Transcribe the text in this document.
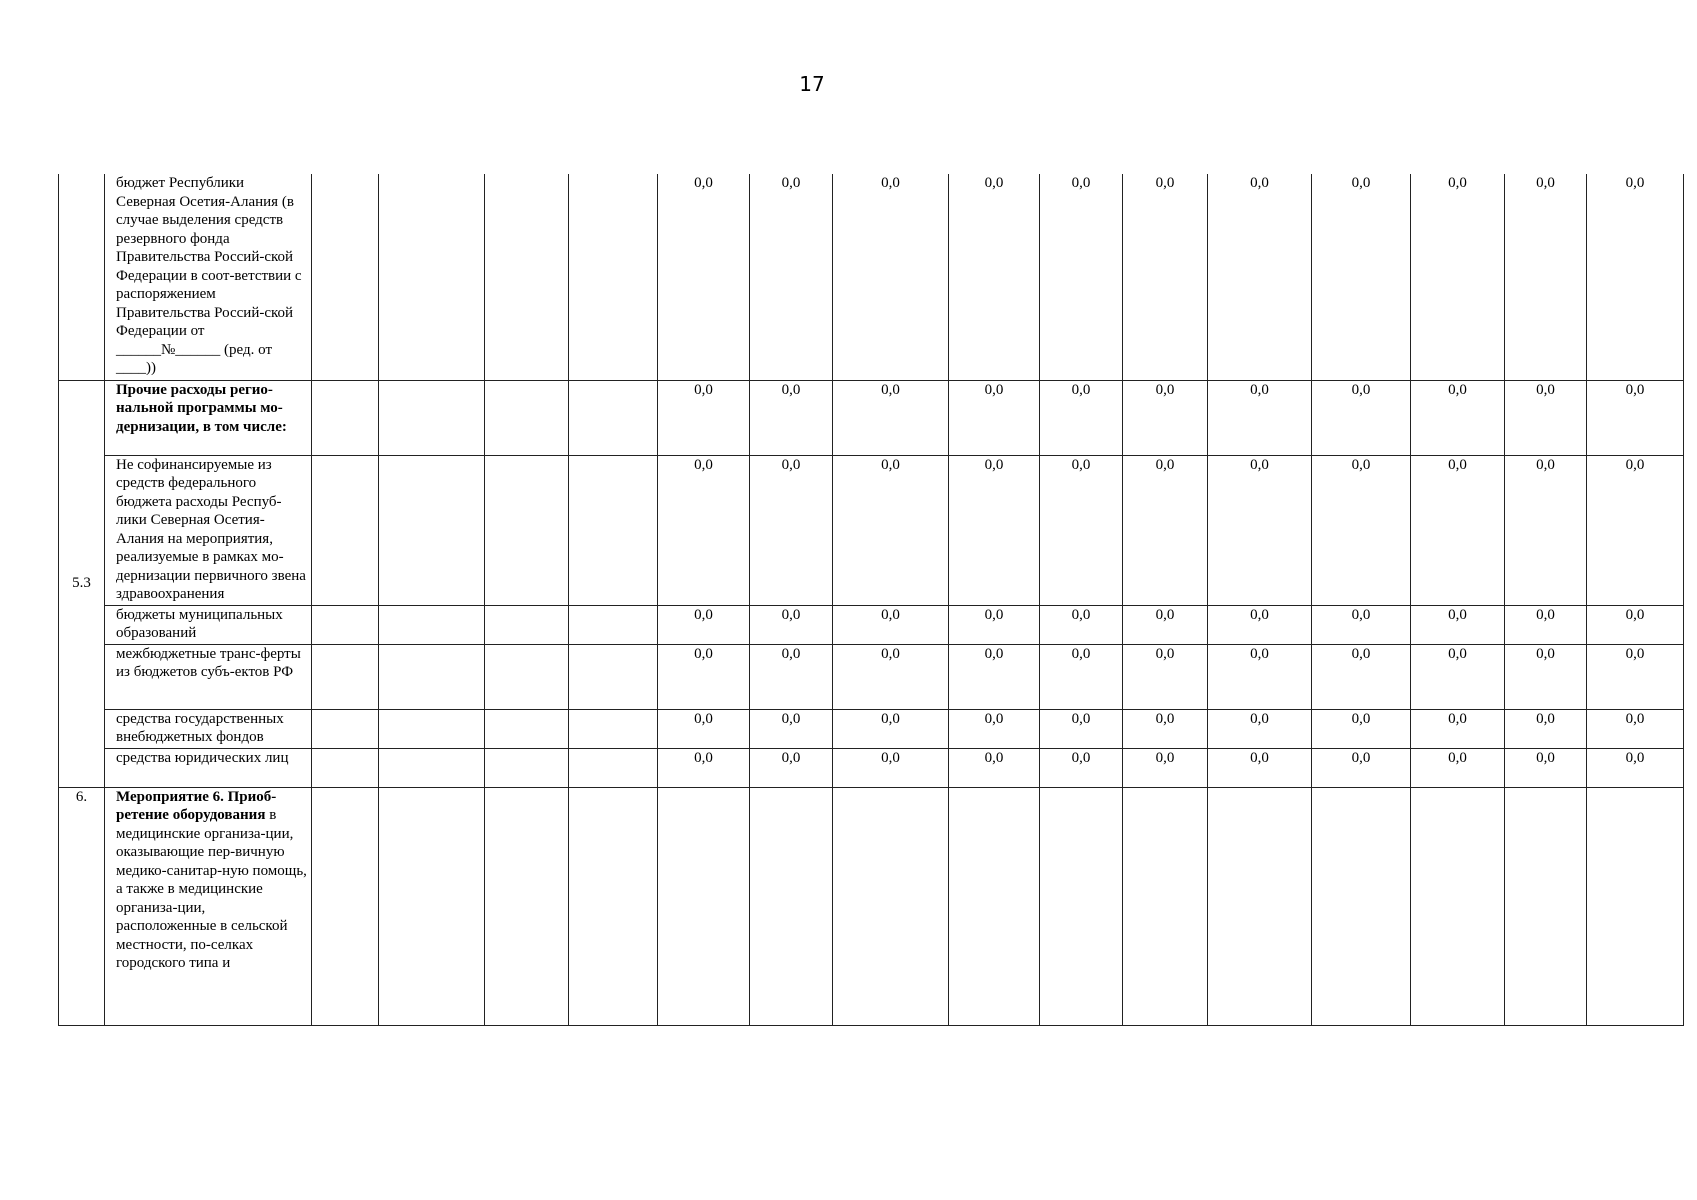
17
	бюджет Республики Северная Осетия-Алания (в случае выделения средств резервного фонда Правительства Россий-ской Федерации в соот-ветствии с распоряжением Правительства Россий-ской Федерации от ______№______ (ред. от ____))					0,0	0,0	0,0	0,0	0,0	0,0	0,0	0,0	0,0	0,0	0,0
5.3	Прочие расходы регио-нальной программы мо-дернизации, в том числе:					0,0	0,0	0,0	0,0	0,0	0,0	0,0	0,0	0,0	0,0	0,0
	Не софинансируемые из средств федерального бюджета расходы Респуб-лики Северная Осетия-Алания на мероприятия, реализуемые в рамках мо-дернизации первичного звена здравоохранения					0,0	0,0	0,0	0,0	0,0	0,0	0,0	0,0	0,0	0,0	0,0
	бюджеты муниципальных образований					0,0	0,0	0,0	0,0	0,0	0,0	0,0	0,0	0,0	0,0	0,0
	межбюджетные транс-ферты из бюджетов субъ-ектов РФ					0,0	0,0	0,0	0,0	0,0	0,0	0,0	0,0	0,0	0,0	0,0
	средства государственных внебюджетных фондов					0,0	0,0	0,0	0,0	0,0	0,0	0,0	0,0	0,0	0,0	0,0
	средства юридических лиц					0,0	0,0	0,0	0,0	0,0	0,0	0,0	0,0	0,0	0,0	0,0
6.	Мероприятие 6. Приоб-ретение оборудования в медицинские организа-ции, оказывающие пер-вичную медико-санитар-ную помощь, а также в медицинские организа-ции, расположенные в сельской местности, по-селках городского типа и															
